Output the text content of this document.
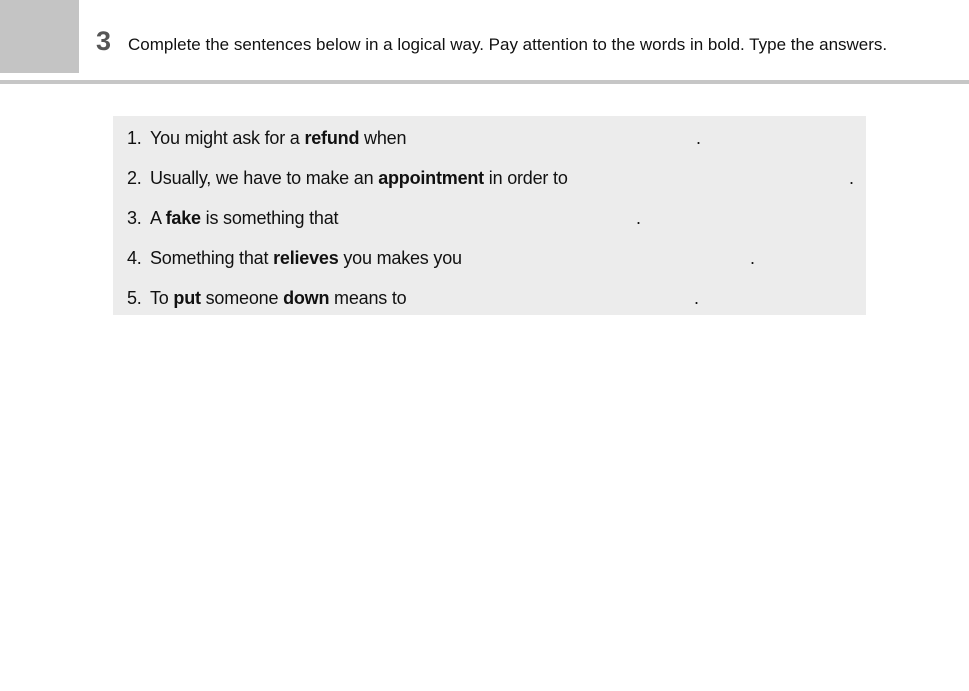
3 Complete the sentences below in a logical way. Pay attention to the words in bold. Type the answers.
1. You might ask for a refund when	.
2. Usually, we have to make an appointment in order to	.
3. A fake is something that	.
4. Something that relieves you makes you	.
5. To put someone down means to	.
